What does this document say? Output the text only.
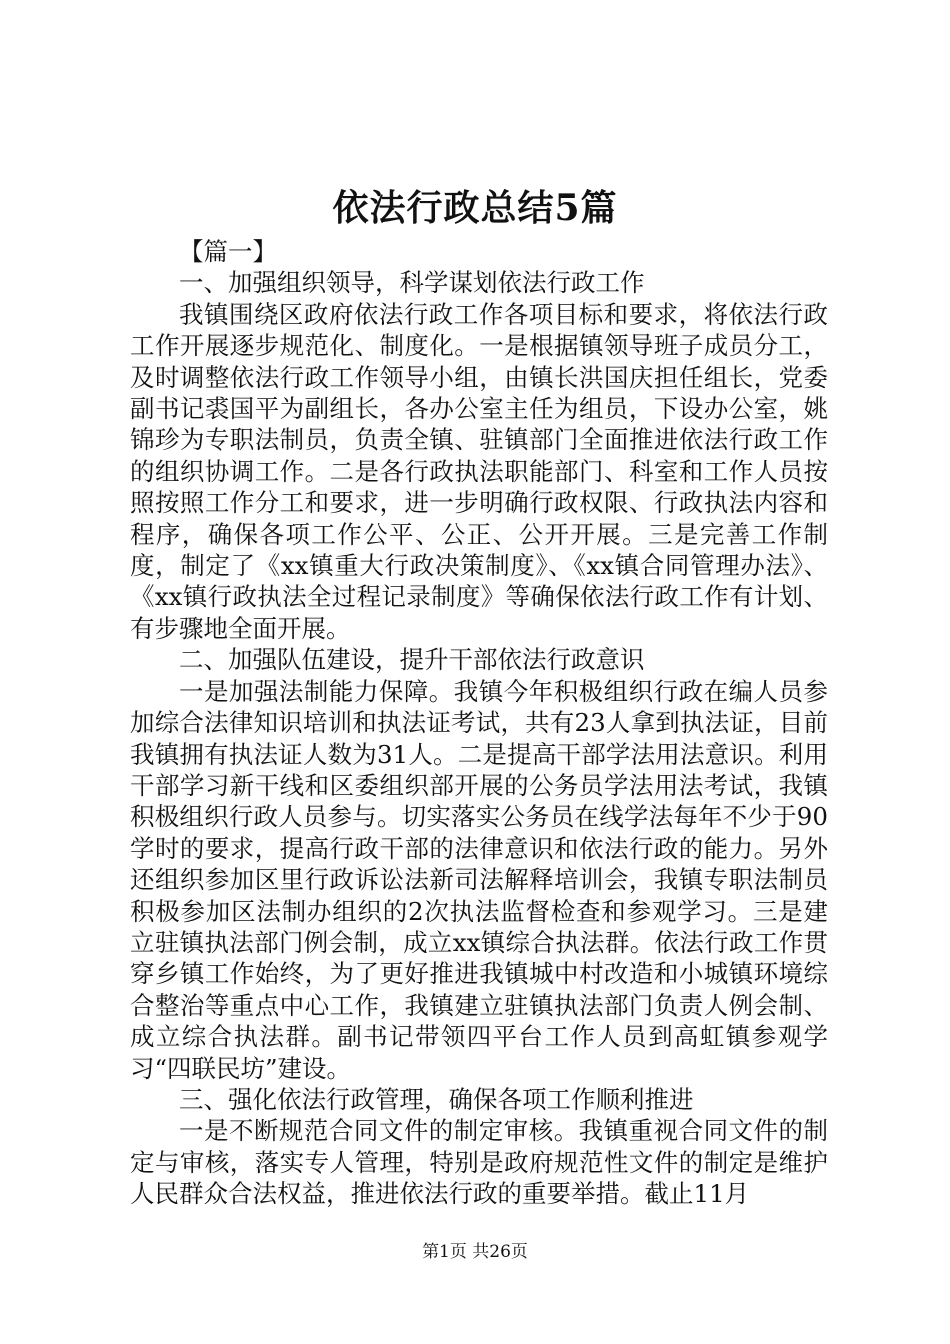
依法行政总结5篇

【篇一】

一、加强组织领导，科学谋划依法行政工作

我镇围绕区政府依法行政工作各项目标和要求，将依法行政工作开展逐步规范化、制度化。一是根据镇领导班子成员分工，及时调整依法行政工作领导小组，由镇长洪国庆担任组长，党委副书记裘国平为副组长，各办公室主任为组员，下设办公室，姚锦珍为专职法制员，负责全镇、驻镇部门全面推进依法行政工作的组织协调工作。二是各行政执法职能部门、科室和工作人员按照按照工作分工和要求，进一步明确行政权限、行政执法内容和程序，确保各项工作公平、公正、公开开展。三是完善工作制度，制定了《xx镇重大行政决策制度》、《xx镇合同管理办法》、《xx镇行政执法全过程记录制度》等确保依法行政工作有计划、有步骤地全面开展。

二、加强队伍建设，提升干部依法行政意识

一是加强法制能力保障。我镇今年积极组织行政在编人员参加综合法律知识培训和执法证考试，共有23人拿到执法证，目前我镇拥有执法证人数为31人。二是提高干部学法用法意识。利用干部学习新干线和区委组织部开展的公务员学法用法考试，我镇积极组织行政人员参与。切实落实公务员在线学法每年不少于90学时的要求，提高行政干部的法律意识和依法行政的能力。另外还组织参加区里行政诉讼法新司法解释培训会，我镇专职法制员积极参加区法制办组织的2次执法监督检查和参观学习。三是建立驻镇执法部门例会制，成立xx镇综合执法群。依法行政工作贯穿乡镇工作始终，为了更好推进我镇城中村改造和小城镇环境综合整治等重点中心工作，我镇建立驻镇执法部门负责人例会制、成立综合执法群。副书记带领四平台工作人员到高虹镇参观学习“四联民坊”建设。

三、强化依法行政管理，确保各项工作顺利推进

一是不断规范合同文件的制定审核。我镇重视合同文件的制定与审核，落实专人管理，特别是政府规范性文件的制定是维护人民群众合法权益，推进依法行政的重要举措。截止11月

第1页 共26页
